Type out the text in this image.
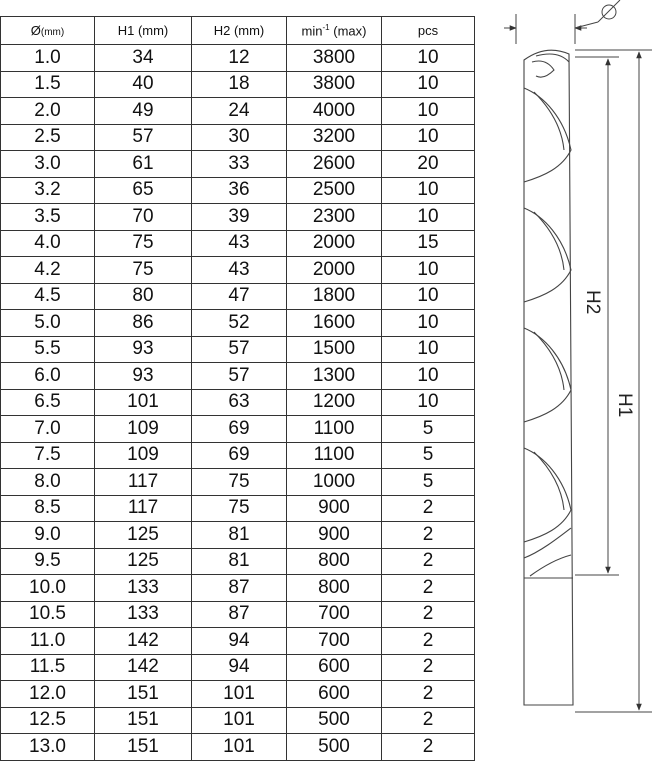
Ø(mm)	H1 (mm)	H2 (mm)	$\min^{-1} (\max)$	pcs
1.0	34	12	3800	10
1.5	40	18	3800	10
2.0	49	24	4000	10
2.5	57	30	3200	10
3.0	61	33	2600	20
3.2	65	36	2500	10
3.5	70	39	2300	10
4.0	75	43	2000	15
4.2	75	43	2000	10
4.5	80	47	1800	10
5.0	86	52	1600	10
5.5	93	57	1500	10
6.0	93	57	1300	10
6.5	101	63	1200	10
7.0	109	69	1100	5
7.5	109	69	1100	5
8.0	117	75	1000	5
8.5	117	75	900	2
9.0	125	81	900	2
9.5	125	81	800	2
10.0	133	87	800	2
10.5	133	87	700	2
11.0	142	94	700	2
11.5	142	94	600	2
12.0	151	101	600	2
12.5	151	101	500	2
13.0	151	101	500	2
H2
H1
